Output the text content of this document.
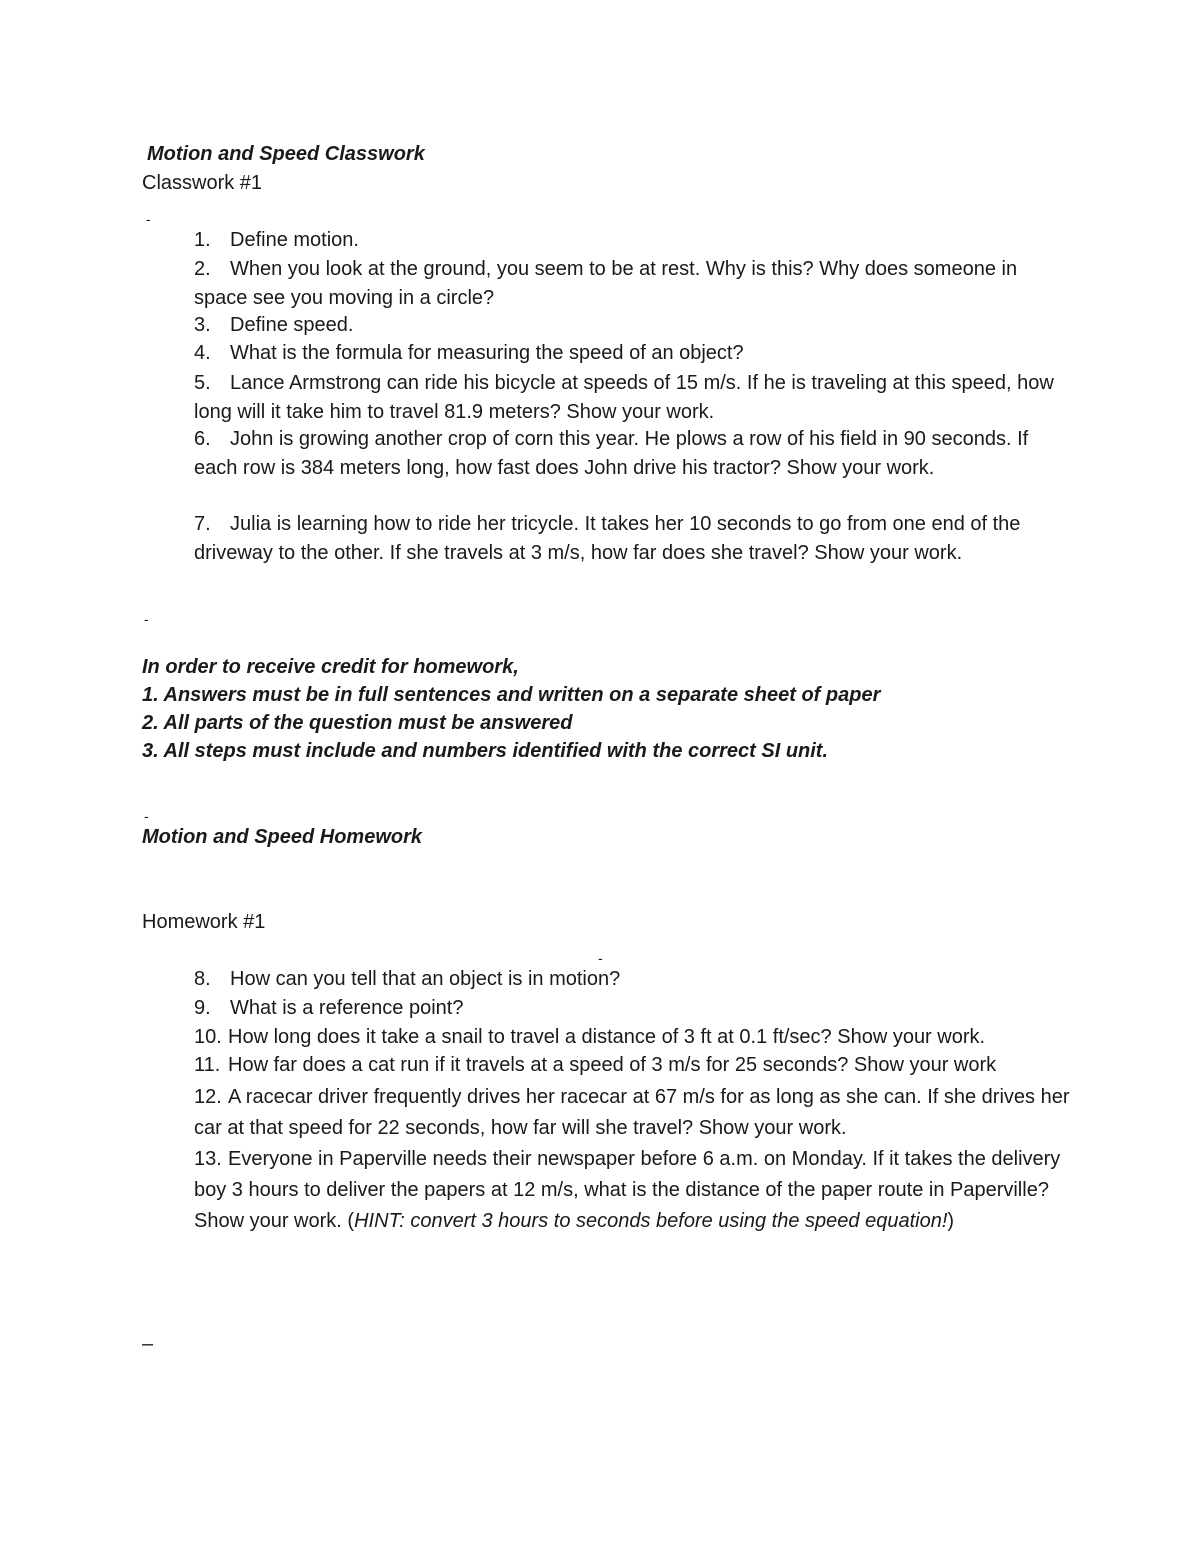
Motion and Speed Classwork
Classwork #1
-
1. Define motion.
2. When you look at the ground, you seem to be at rest. Why is this? Why does someone in space see you moving in a circle?
3. Define speed.
4. What is the formula for measuring the speed of an object?
5. Lance Armstrong can ride his bicycle at speeds of 15 m/s. If he is traveling at this speed, how long will it take him to travel 81.9 meters? Show your work.
6. John is growing another crop of corn this year. He plows a row of his field in 90 seconds. If each row is 384 meters long, how fast does John drive his tractor? Show your work.
7. Julia is learning how to ride her tricycle. It takes her 10 seconds to go from one end of the driveway to the other. If she travels at 3 m/s, how far does she travel? Show your work.
-
In order to receive credit for homework,
1. Answers must be in full sentences and written on a separate sheet of paper
2. All parts of the question must be answered
3. All steps must include and numbers identified with the correct SI unit.
-
Motion and Speed Homework
Homework #1
-
8. How can you tell that an object is in motion?
9. What is a reference point?
10. How long does it take a snail to travel a distance of 3 ft at 0.1 ft/sec? Show your work.
11. How far does a cat run if it travels at a speed of 3 m/s for 25 seconds? Show your work
12. A racecar driver frequently drives her racecar at 67 m/s for as long as she can. If she drives her car at that speed for 22 seconds, how far will she travel? Show your work.
13. Everyone in Paperville needs their newspaper before 6 a.m. on Monday. If it takes the delivery boy 3 hours to deliver the papers at 12 m/s, what is the distance of the paper route in Paperville? Show your work. (HINT: convert 3 hours to seconds before using the speed equation!)
–
